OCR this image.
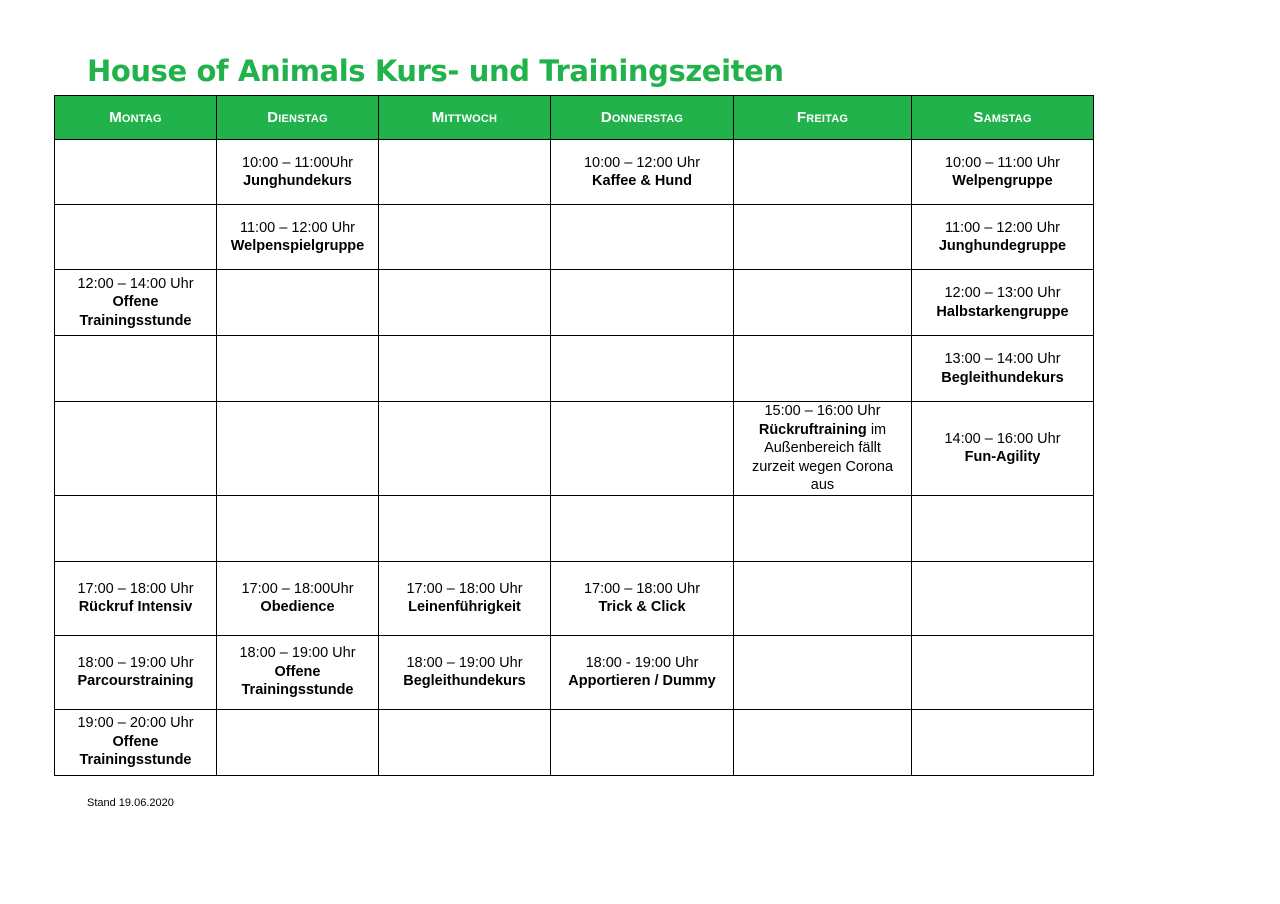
House of Animals Kurs- und Trainingszeiten
Montag	Dienstag	Mittwoch	Donnerstag	Freitag	Samstag

	10:00 – 11:00Uhr
Junghundekurs		10:00 – 12:00 Uhr
Kaffee & Hund		10:00 – 11:00 Uhr
Welpengruppe

	11:00 – 12:00 Uhr
Welpenspielgruppe				11:00 – 12:00 Uhr
Junghundegruppe

12:00 – 14:00 Uhr
Offene Trainingsstunde					12:00 – 13:00 Uhr
Halbstarkengruppe

					13:00 – 14:00 Uhr
Begleithundekurs

				15:00 – 16:00 Uhr
Rückruftraining im
Außenbereich fällt zurzeit wegen Corona aus	14:00 – 16:00 Uhr
Fun-Agility

17:00 – 18:00 Uhr
Rückruf Intensiv	17:00 – 18:00Uhr
Obedience	17:00 – 18:00 Uhr
Leinenführigkeit	17:00 – 18:00 Uhr
Trick & Click		

18:00 – 19:00 Uhr
Parcourstraining	18:00 – 19:00 Uhr
Offene Trainingsstunde	18:00 – 19:00 Uhr
Begleithundekurs	18:00 - 19:00 Uhr
Apportieren / Dummy		

19:00 – 20:00 Uhr
Offene Trainingsstunde					

Stand 19.06.2020
